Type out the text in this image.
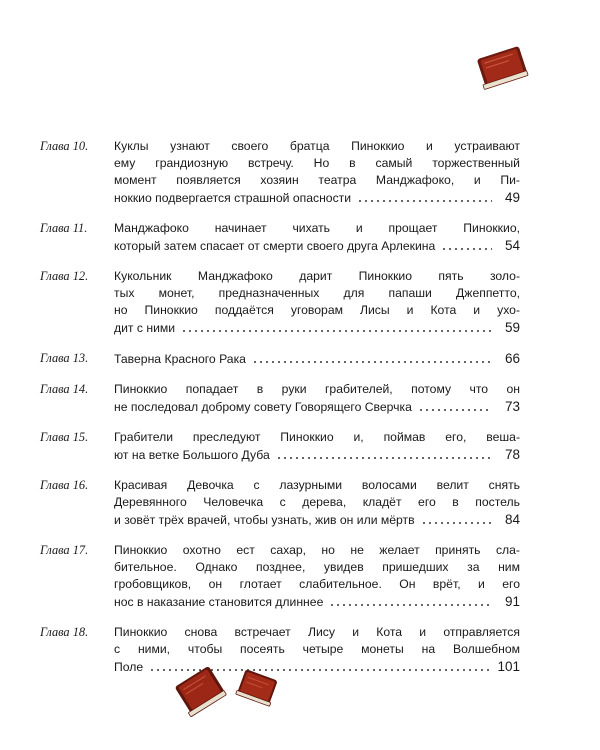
Глава 10. Куклы узнают своего братца Пиноккио и устраивают
ему грандиозную встречу. Но в самый торжественный
момент появляется хозяин театра Манджафоко, и Пи-
ноккио подвергается страшной опасности	49
Глава 11. Манджафоко начинает чихать и прощает Пиноккио,
который затем спасает от смерти своего друга Арлекина	54
Глава 12. Кукольник Манджафоко дарит Пиноккио пять золо-
тых монет, предназначенных для папаши Джеппетто,
но Пиноккио поддаётся уговорам Лисы и Кота и ухо-
дит с ними	59
Глава 13. Таверна Красного Рака	66
Глава 14. Пиноккио попадает в руки грабителей, потому что он
не последовал доброму совету Говорящего Сверчка	73
Глава 15. Грабители преследуют Пиноккио и, поймав его, веша-
ют на ветке Большого Дуба	78
Глава 16. Красивая Девочка с лазурными волосами велит снять
Деревянного Человечка с дерева, кладёт его в постель
и зовёт трёх врачей, чтобы узнать, жив он или мёртв	84
Глава 17. Пиноккио охотно ест сахар, но не желает принять сла-
бительное. Однако позднее, увидев пришедших за ним
гробовщиков, он глотает слабительное. Он врёт, и его
нос в наказание становится длиннее	91
Глава 18. Пиноккио снова встречает Лису и Кота и отправляется
с ними, чтобы посеять четыре монеты на Волшебном
Поле	101
